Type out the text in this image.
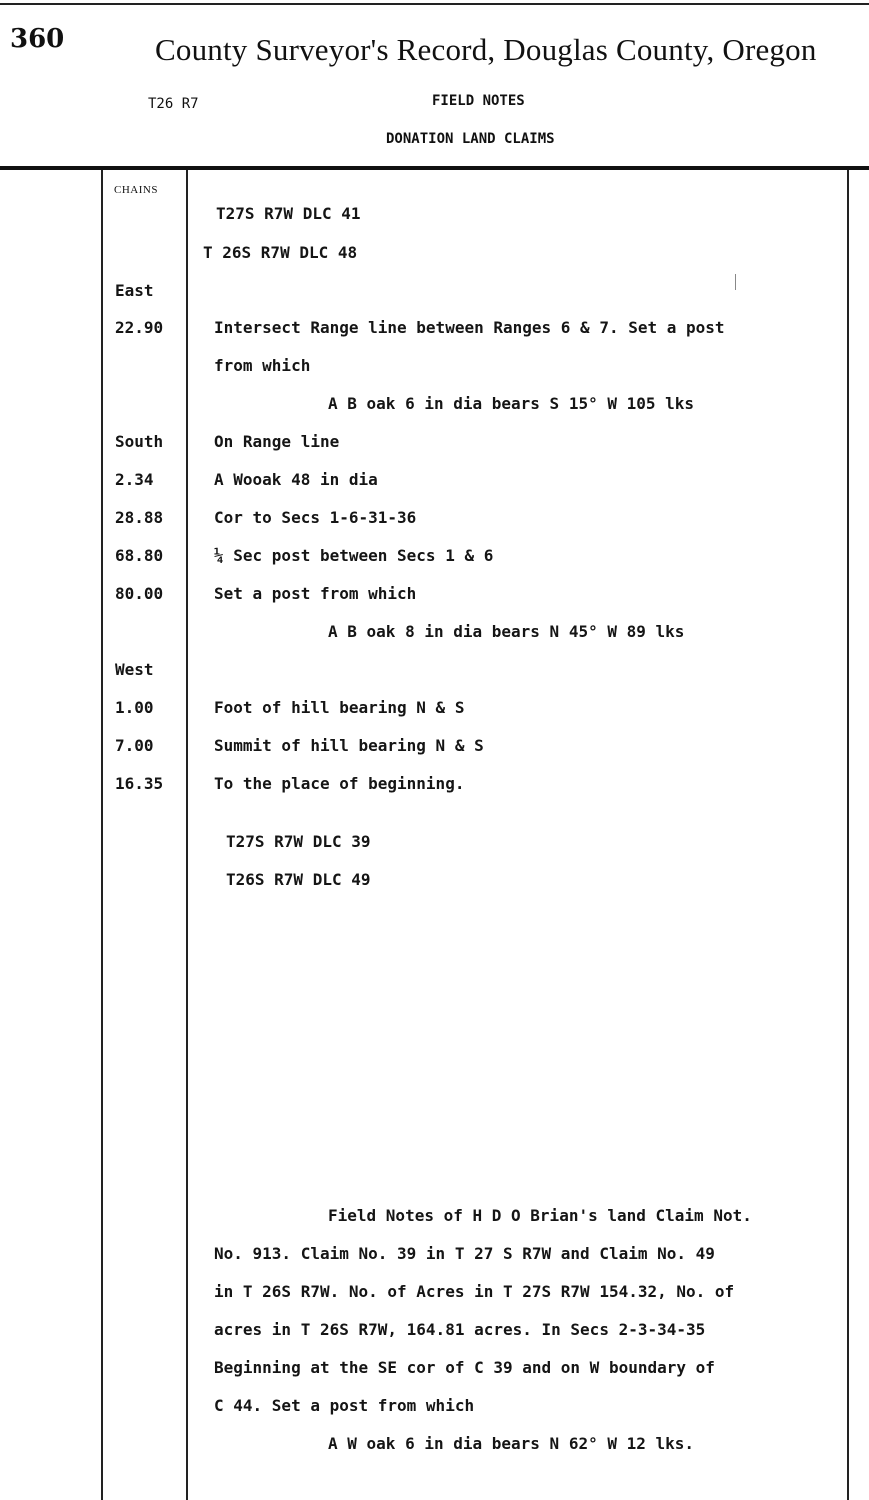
360	County Surveyor's Record, Douglas County, Oregon
T26 R7	FIELD NOTES
DONATION LAND CLAIMS
CHAINS
T27S R7W DLC 41
T 26S R7W DLC 48
East
22.90	Intersect Range line between Ranges 6 & 7. Set a post
from which
A B oak 6 in dia bears S 15° W 105 lks
South	On Range line
2.34	A Wooak 48 in dia
28.88	Cor to Secs 1-6-31-36
68.80	¼ Sec post between Secs 1 & 6
80.00	Set a post from which
A B oak 8 in dia bears N 45° W 89 lks
West
1.00	Foot of hill bearing N & S
7.00	Summit of hill bearing N & S
16.35	To the place of beginning.
T27S R7W DLC 39
T26S R7W DLC 49
Field Notes of H D O Brian's land Claim Not.
No. 913. Claim No. 39 in T 27 S R7W and Claim No. 49
in T 26S R7W. No. of Acres in T 27S R7W 154.32, No. of
acres in T 26S R7W, 164.81 acres. In Secs 2-3-34-35
Beginning at the SE cor of C 39 and on W boundary of
C 44. Set a post from which
A W oak 6 in dia bears N 62° W 12 lks.
